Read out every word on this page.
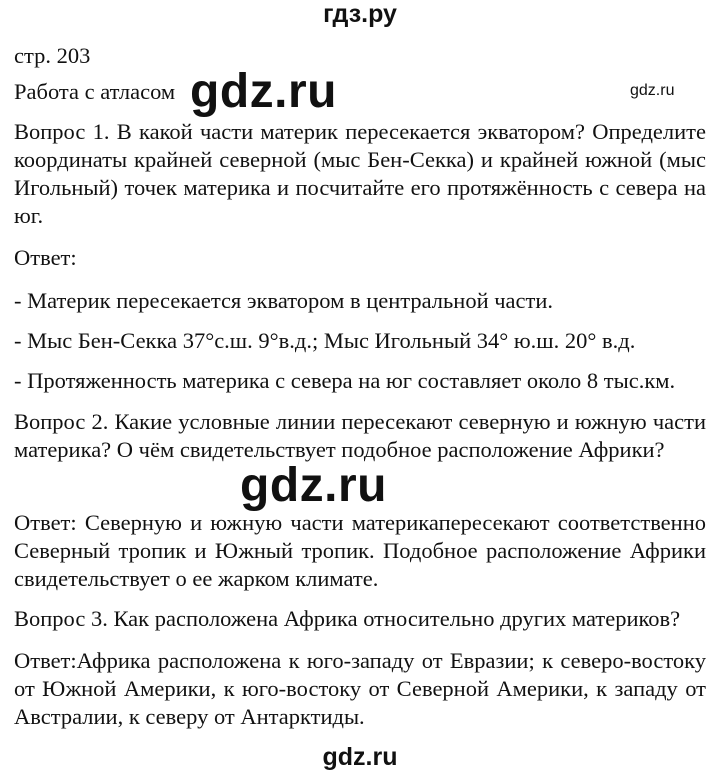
гдз.ру
стр. 203
Работа с атласом gdz.ru	gdz.ru
Вопрос 1. В какой части материк пересекается экватором? Определите координаты крайней северной (мыс Бен-Секка) и крайней южной (мыс Игольный) точек материка и посчитайте его протяжённость с севера на юг.
Ответ:
- Материк пересекается экватором в центральной части.
- Мыс Бен-Секка 37°с.ш. 9°в.д.; Мыс Игольный 34° ю.ш. 20° в.д.
- Протяженность материка с севера на юг составляет около 8 тыс.км.
Вопрос 2. Какие условные линии пересекают северную и южную части материка? О чём свидетельствует подобное расположение Африки?
gdz.ru
Ответ: Северную и южную части материкапересекают соответственно Северный тропик и Южный тропик. Подобное расположение Африки свидетельствует о ее жарком климате.
Вопрос 3. Как расположена Африка относительно других материков?
Ответ:Африка расположена к юго-западу от Евразии; к северо-востоку от Южной Америки, к юго-востоку от Северной Америки, к западу от Австралии, к северу от Антарктиды.
gdz.ru
